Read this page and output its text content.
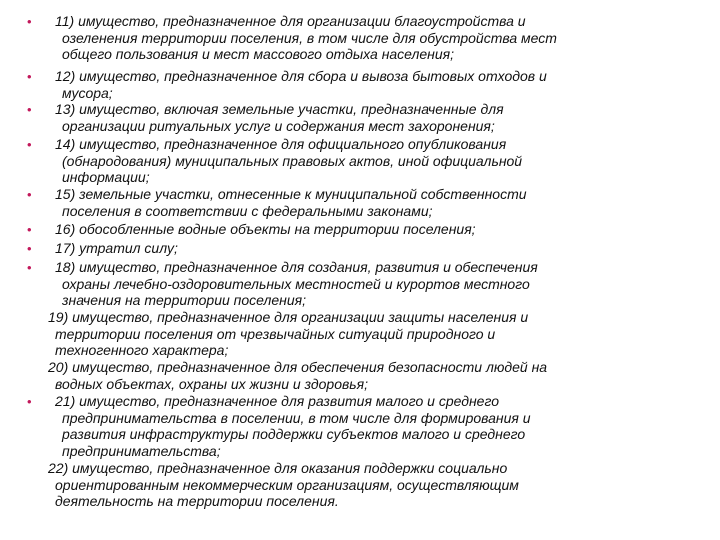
• 11) имущество, предназначенное для организации благоустройства и
озеленения территории поселения, в том числе для обустройства мест
общего пользования и мест массового отдыха населения;
• 12) имущество, предназначенное для сбора и вывоза бытовых отходов и
мусора;
• 13) имущество, включая земельные участки, предназначенные для
организации ритуальных услуг и содержания мест захоронения;
• 14) имущество, предназначенное для официального опубликования
(обнародования) муниципальных правовых актов, иной официальной
информации;
• 15) земельные участки, отнесенные к муниципальной собственности
поселения в соответствии с федеральными законами;
• 16) обособленные водные объекты на территории поселения;
• 17) утратил силу;
• 18) имущество, предназначенное для создания, развития и обеспечения
охраны лечебно-оздоровительных местностей и курортов местного
значения на территории поселения;
19) имущество, предназначенное для организации защиты населения и
территории поселения от чрезвычайных ситуаций природного и
техногенного характера;
20) имущество, предназначенное для обеспечения безопасности людей на
водных объектах, охраны их жизни и здоровья;
• 21) имущество, предназначенное для развития малого и среднего
предпринимательства в поселении, в том числе для формирования и
развития инфраструктуры поддержки субъектов малого и среднего
предпринимательства;
22) имущество, предназначенное для оказания поддержки социально
ориентированным некоммерческим организациям, осуществляющим
деятельность на территории поселения.
